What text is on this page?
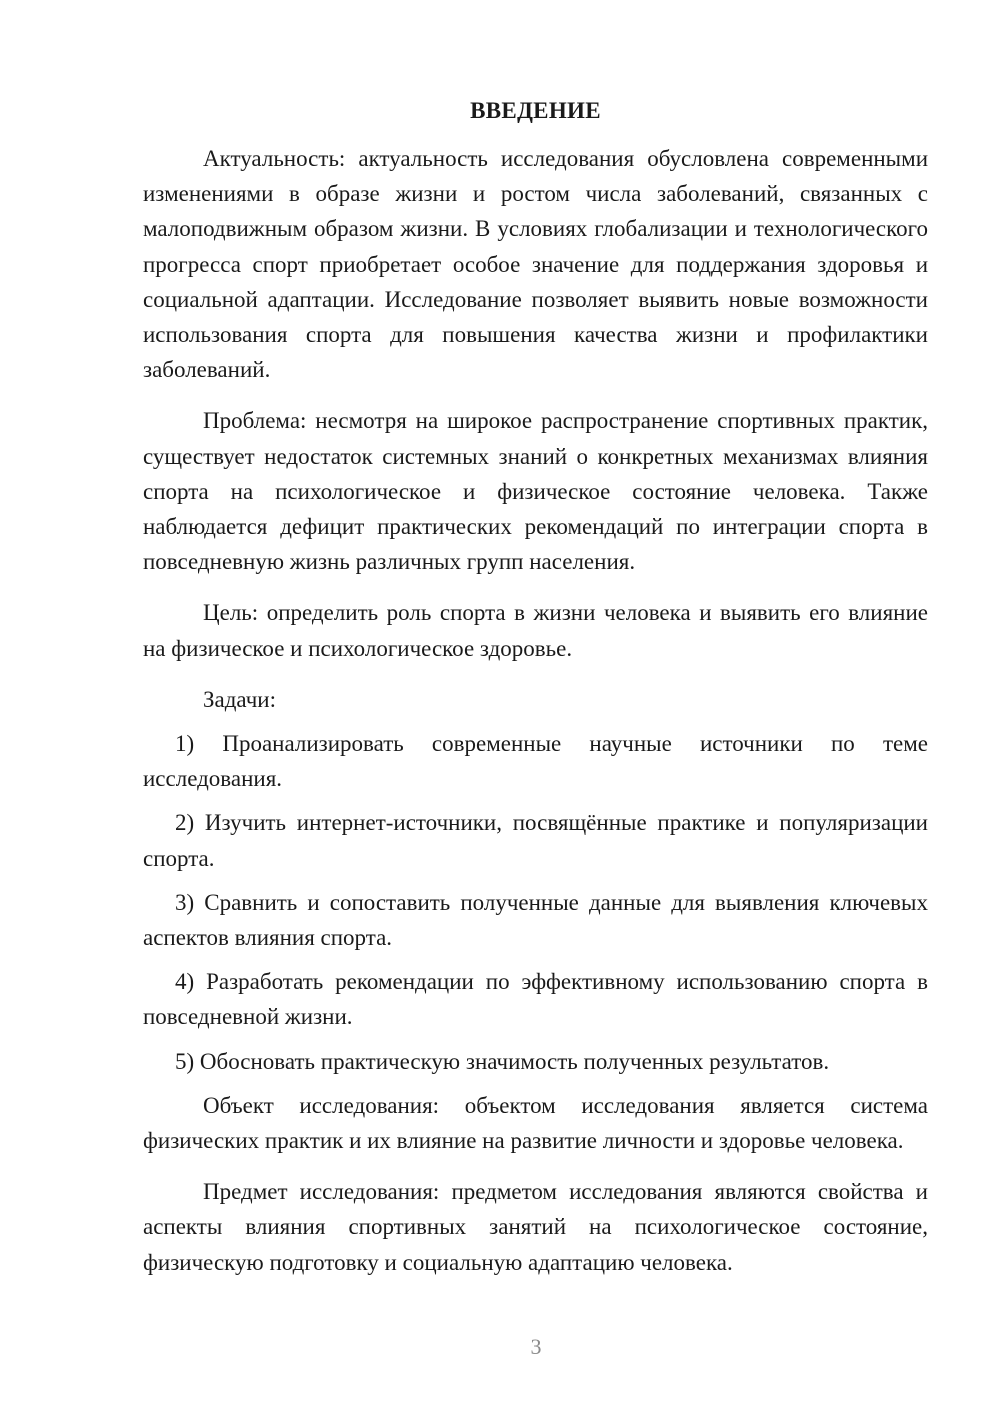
ВВЕДЕНИЕ

Актуальность: актуальность исследования обусловлена современными изменениями в образе жизни и ростом числа заболеваний, связанных с малоподвижным образом жизни. В условиях глобализации и технологического прогресса спорт приобретает особое значение для поддержания здоровья и социальной адаптации. Исследование позволяет выявить новые возможности использования спорта для повышения качества жизни и профилактики заболеваний.

Проблема: несмотря на широкое распространение спортивных практик, существует недостаток системных знаний о конкретных механизмах влияния спорта на психологическое и физическое состояние человека. Также наблюдается дефицит практических рекомендаций по интеграции спорта в повседневную жизнь различных групп населения.

Цель: определить роль спорта в жизни человека и выявить его влияние на физическое и психологическое здоровье.

Задачи:

1) Проанализировать современные научные источники по теме исследования.

2) Изучить интернет-источники, посвящённые практике и популяризации спорта.

3) Сравнить и сопоставить полученные данные для выявления ключевых аспектов влияния спорта.

4) Разработать рекомендации по эффективному использованию спорта в повседневной жизни.

5) Обосновать практическую значимость полученных результатов.

Объект исследования: объектом исследования является система физических практик и их влияние на развитие личности и здоровье человека.

Предмет исследования: предметом исследования являются свойства и аспекты влияния спортивных занятий на психологическое состояние, физическую подготовку и социальную адаптацию человека.

3
